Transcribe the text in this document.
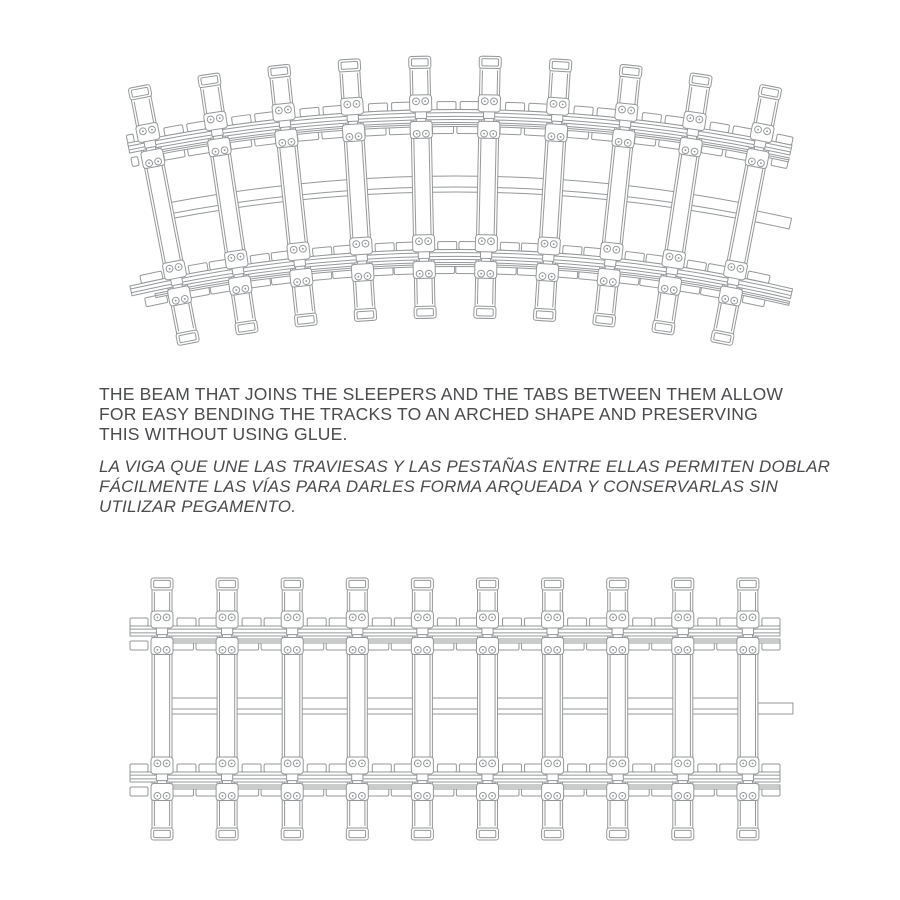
THE BEAM THAT JOINS THE SLEEPERS AND THE TABS BETWEEN THEM ALLOW
FOR EASY BENDING THE TRACKS TO AN ARCHED SHAPE AND PRESERVING
THIS WITHOUT USING GLUE.
LA VIGA QUE UNE LAS TRAVIESAS Y LAS PESTAÑAS ENTRE ELLAS PERMITEN DOBLAR
FÁCILMENTE LAS VÍAS PARA DARLES FORMA ARQUEADA Y CONSERVARLAS SIN
UTILIZAR PEGAMENTO.
